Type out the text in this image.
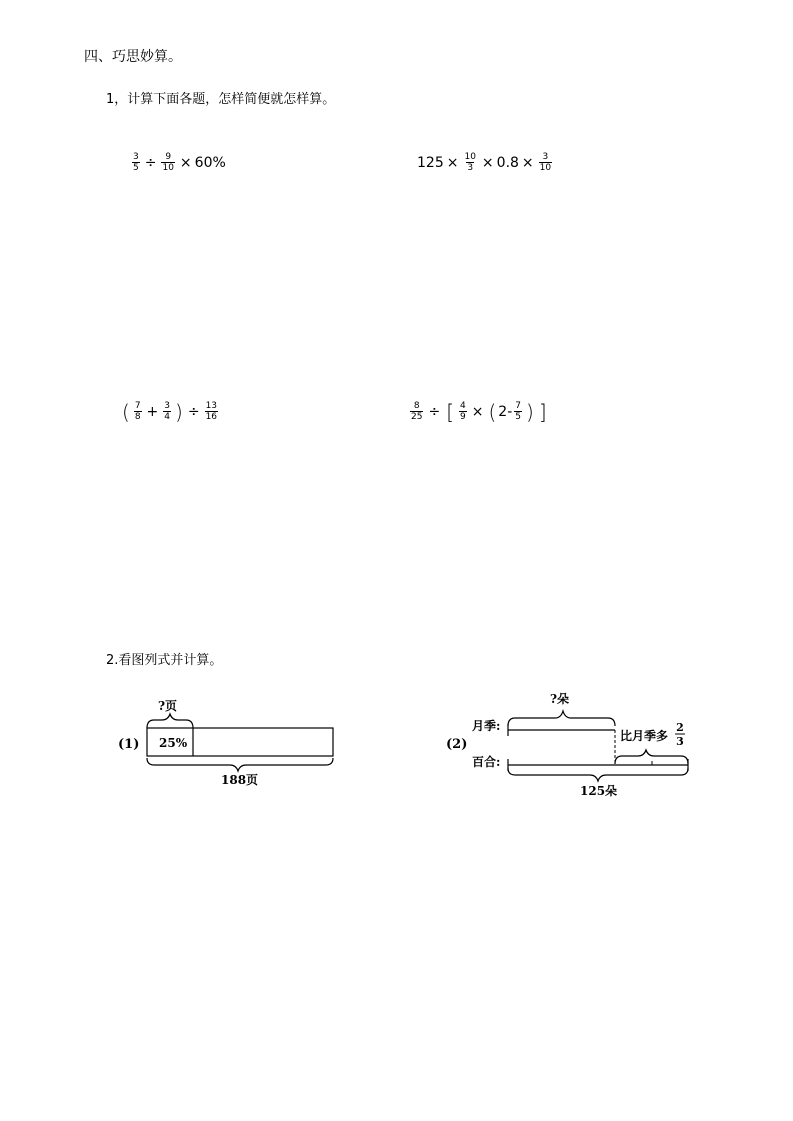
四、巧思妙算。
1，计算下面各题，怎样简便就怎样算。
$\frac{3}{5} \div \frac{9}{10} \times 60\%$	$125 \times \frac{10}{3} \times 0.8 \times \frac{3}{10}$
( $\frac{7}{8} + \frac{3}{4}$ ) ÷ $\frac{13}{16}$	$\frac{8}{25}$ ÷ [ $\frac{4}{9}$ × ( $2 - \frac{7}{5}$ ) ]
2.看图列式并计算。
(1)
?页
25%
188页
?朵
月季:
(2)
比月季多
2
3
百合:
125朵
